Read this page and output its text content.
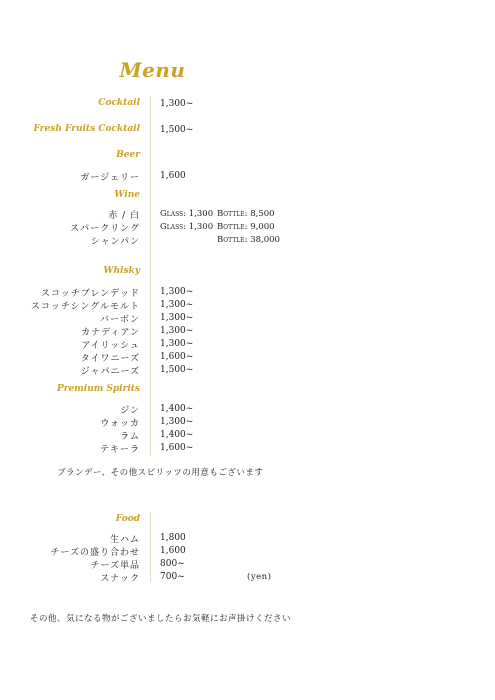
Menu
Cocktail 1,300~
Fresh Fruits Cocktail 1,500~
Beer
ガージェリー 1,600
Wine
赤 / 白 Glass: 1,300 Bottle: 8,500
スパークリング Glass: 1,300 Bottle: 9,000
シャンパン	Bottle: 38,000
Whisky
スコッチブレンデッド 1,300~
スコッチシングルモルト 1,300~
バーボン 1,300~
カナディアン 1,300~
アイリッシュ 1,300~
タイワニーズ 1,600~
ジャパニーズ 1,500~
Premium Spirits
ジン 1,400~
ウォッカ 1,300~
ラム 1,400~
テキーラ 1,600~
ブランデー、その他スピリッツの用意もございます
Food
生ハム 1,800
チーズの盛り合わせ 1,600
チーズ単品 800~
スナック 700~	(yen)
その他、気になる物がございましたらお気軽にお声掛けください
